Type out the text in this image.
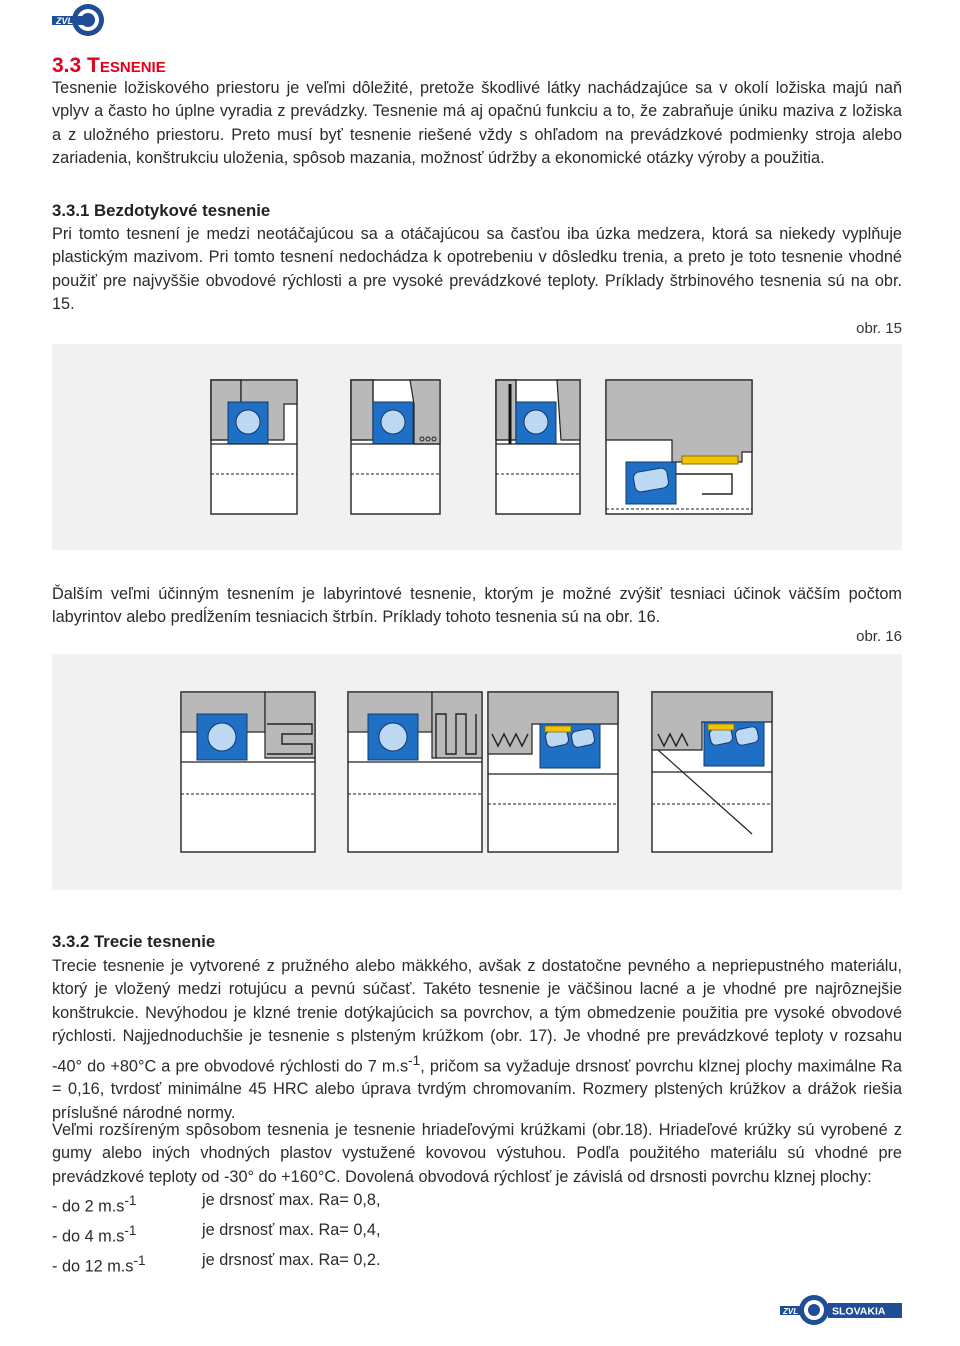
ZVL
3.3 Tesnenie

Tesnenie ložiskového priestoru je veľmi dôležité, pretože škodlivé látky nachádzajúce sa v okolí ložiska majú naň vplyv a často ho úplne vyradia z prevádzky. Tesnenie má aj opačnú funkciu a to, že zabraňuje úniku maziva z ložiska a z uložného priestoru. Preto musí byť tesnenie riešené vždy s ohľadom na prevádzkové podmienky stroja alebo zariadenia, konštrukciu uloženia, spôsob mazania, možnosť údržby a ekonomické otázky výroby a použitia.

3.3.1 Bezdotykové tesnenie

Pri tomto tesnení je medzi neotáčajúcou sa a otáčajúcou sa časťou iba úzka medzera, ktorá sa niekedy vyplňuje plastickým mazivom. Pri tomto tesnení nedochádza k opotrebeniu v dôsledku trenia, a preto je toto tesnenie vhodné použiť pre najvyššie obvodové rýchlosti a pre vysoké prevádzkové teploty. Príklady štrbinového tesnenia sú na obr. 15.

obr. 15

Ďalším veľmi účinným tesnením je labyrintové tesnenie, ktorým je možné zvýšiť tesniaci účinok väčším počtom labyrintov alebo predĺžením tesniacich štrbín. Príklady tohoto tesnenia sú na obr. 16.

obr. 16
3.3.2 Trecie tesnenie

Trecie tesnenie je vytvorené z pružného alebo mäkkého, avšak z dostatočne pevného a nepriepustného materiálu, ktorý je vložený medzi rotujúcu a pevnú súčasť. Takéto tesnenie je väčšinou lacné a je vhodné pre najrôznejšie konštrukcie. Nevýhodou je klzné trenie dotýkajúcich sa povrchov, a tým obmedzenie použitia pre vysoké obvodové rýchlosti. Najjednoduchšie je tesnenie s plsteným krúžkom (obr. 17). Je vhodné pre prevádzkové teploty v rozsahu -40° do +80°C a pre obvodové rýchlosti do 7 $m.s^{-1}$, pričom sa vyžaduje drsnosť povrchu klznej plochy maximálne Ra = 0,16, tvrdosť minimálne 45 HRC alebo úprava tvrdým chromovaním. Rozmery plstených krúžkov a drážok riešia príslušné národné normy.

Veľmi rozšíreným spôsobom tesnenia je tesnenie hriadeľovými krúžkami (obr.18). Hriadeľové krúžky sú vyrobené z gumy alebo iných vhodných plastov vystužené kovovou výstuhou. Podľa použitého materiálu sú vhodné pre prevádzkové teploty od -30° do +160°C. Dovolená obvodová rýchlosť je závislá od drsnosti povrchu klznej plochy:

- do 2 $m.s^{-1}$	je drsnosť max. Ra= 0,8,
- do 4 $m.s^{-1}$	je drsnosť max. Ra= 0,4,
- do 12 $m.s^{-1}$	je drsnosť max. Ra= 0,2.
ZVL	SLOVAKIA
